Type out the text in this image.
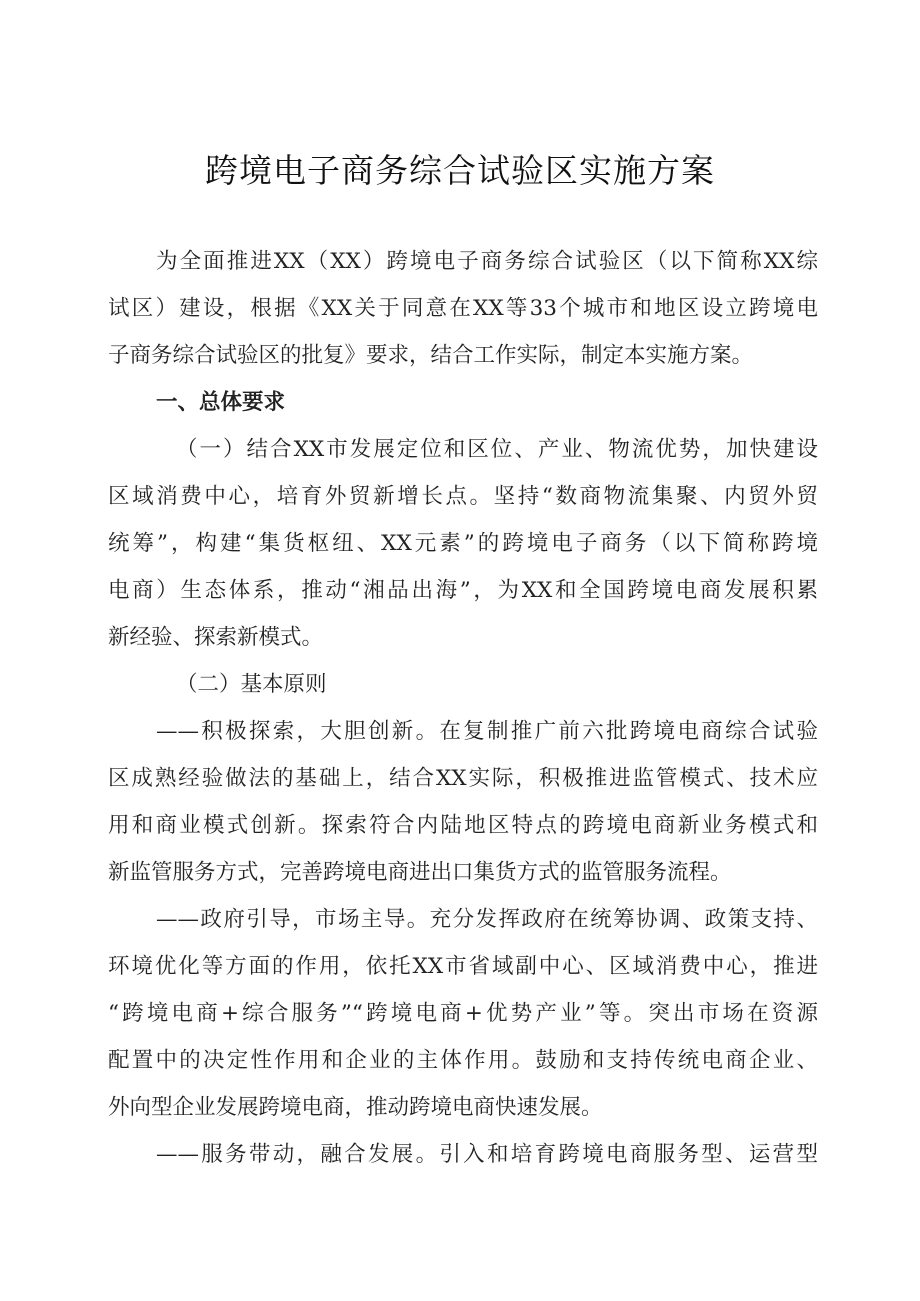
跨境电子商务综合试验区实施方案
为全面推进XX（XX）跨境电子商务综合试验区（以下简称XX综
试区）建设，根据《XX关于同意在XX等33个城市和地区设立跨境电
子商务综合试验区的批复》要求，结合工作实际，制定本实施方案。
一、总体要求
（一）结合XX市发展定位和区位、产业、物流优势，加快建设
区域消费中心，培育外贸新增长点。坚持“数商物流集聚、内贸外贸
统筹”，构建“集货枢纽、XX元素”的跨境电子商务（以下简称跨境
电商）生态体系，推动“湘品出海”，为XX和全国跨境电商发展积累
新经验、探索新模式。
（二）基本原则
——积极探索，大胆创新。在复制推广前六批跨境电商综合试验
区成熟经验做法的基础上，结合XX实际，积极推进监管模式、技术应
用和商业模式创新。探索符合内陆地区特点的跨境电商新业务模式和
新监管服务方式，完善跨境电商进出口集货方式的监管服务流程。
——政府引导，市场主导。充分发挥政府在统筹协调、政策支持、
环境优化等方面的作用，依托XX市省域副中心、区域消费中心，推进
“跨境电商+综合服务”“跨境电商+优势产业”等。突出市场在资源
配置中的决定性作用和企业的主体作用。鼓励和支持传统电商企业、
外向型企业发展跨境电商，推动跨境电商快速发展。
——服务带动，融合发展。引入和培育跨境电商服务型、运营型
